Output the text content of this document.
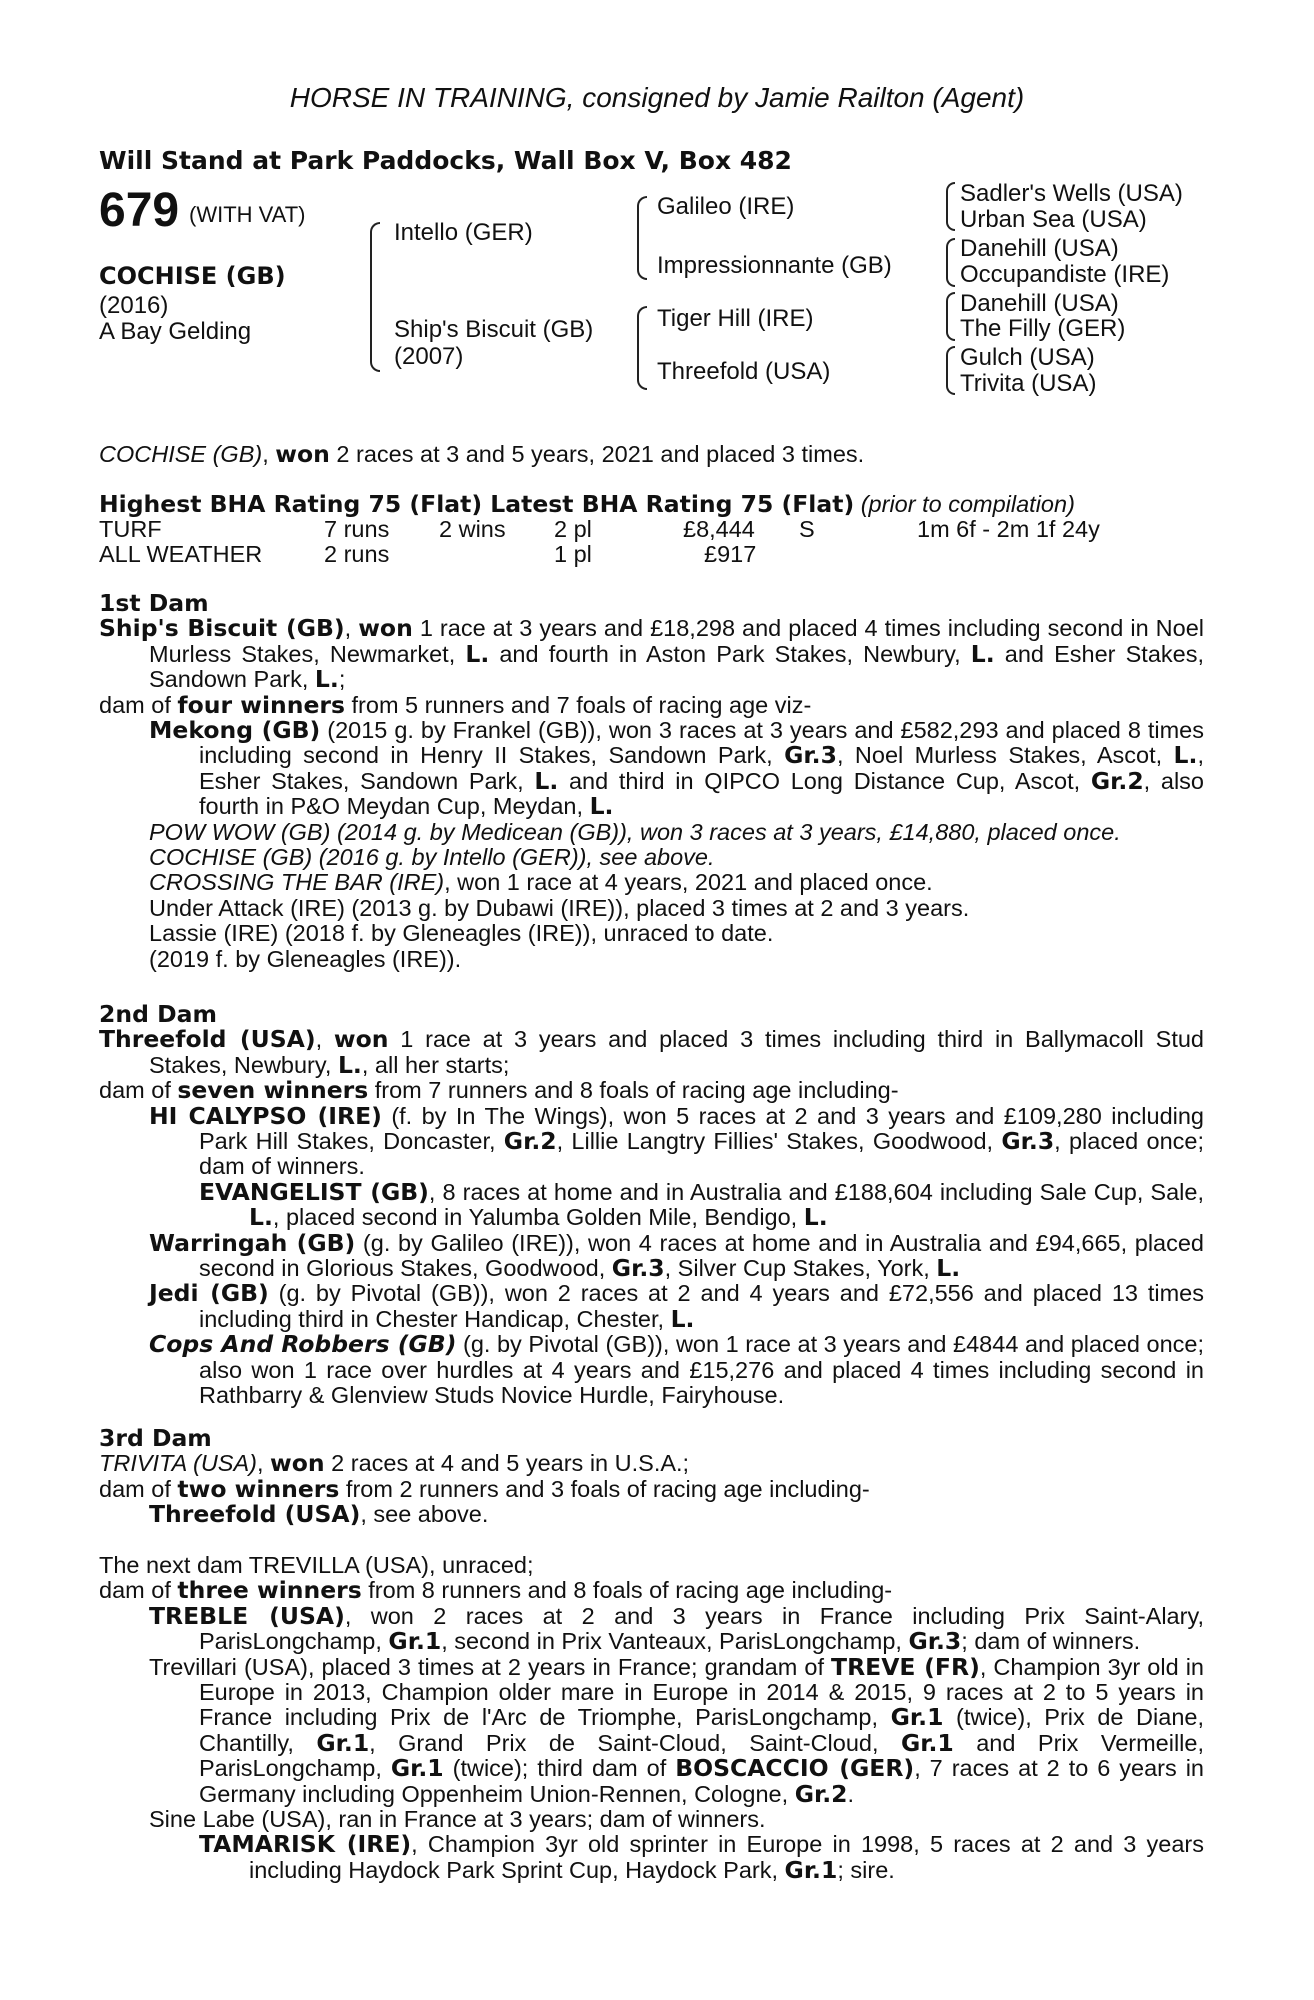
HORSE IN TRAINING, consigned by Jamie Railton (Agent)
Will Stand at Park Paddocks, Wall Box V, Box 482
679 (WITH VAT)
COCHISE (GB)
(2016)
A Bay Gelding
Intello (GER)
Ship's Biscuit (GB)
(2007)
Galileo (IRE)
Impressionnante (GB)
Tiger Hill (IRE)
Threefold (USA)
Sadler's Wells (USA)
Urban Sea (USA)
Danehill (USA)
Occupandiste (IRE)
Danehill (USA)
The Filly (GER)
Gulch (USA)
Trivita (USA)
COCHISE (GB), won 2 races at 3 and 5 years, 2021 and placed 3 times.
Highest BHA Rating 75 (Flat) Latest BHA Rating 75 (Flat) (prior to compilation)
TURF	7 runs 2 wins 2 pl	£8,444 S	1m 6f - 2m 1f 24y
ALL WEATHER	2 runs	1 pl	£917

1st Dam

Ship's Biscuit (GB), won 1 race at 3 years and £18,298 and placed 4 times including second in Noel Murless Stakes, Newmarket, L. and fourth in Aston Park Stakes, Newbury, L. and Esher Stakes, Sandown Park, L.;

dam of four winners from 5 runners and 7 foals of racing age viz-

Mekong (GB) (2015 g. by Frankel (GB)), won 3 races at 3 years and £582,293 and placed 8 times including second in Henry II Stakes, Sandown Park, Gr.3, Noel Murless Stakes, Ascot, L., Esher Stakes, Sandown Park, L. and third in QIPCO Long Distance Cup, Ascot, Gr.2, also fourth in P&O Meydan Cup, Meydan, L.

POW WOW (GB) (2014 g. by Medicean (GB)), won 3 races at 3 years, £14,880, placed once.

COCHISE (GB) (2016 g. by Intello (GER)), see above.

CROSSING THE BAR (IRE), won 1 race at 4 years, 2021 and placed once.

Under Attack (IRE) (2013 g. by Dubawi (IRE)), placed 3 times at 2 and 3 years.

Lassie (IRE) (2018 f. by Gleneagles (IRE)), unraced to date.

(2019 f. by Gleneagles (IRE)).

2nd Dam

Threefold (USA), won 1 race at 3 years and placed 3 times including third in Ballymacoll Stud Stakes, Newbury, L., all her starts;

dam of seven winners from 7 runners and 8 foals of racing age including-

HI CALYPSO (IRE) (f. by In The Wings), won 5 races at 2 and 3 years and £109,280 including Park Hill Stakes, Doncaster, Gr.2, Lillie Langtry Fillies' Stakes, Goodwood, Gr.3, placed once; dam of winners.

EVANGELIST (GB), 8 races at home and in Australia and £188,604 including Sale Cup, Sale, L., placed second in Yalumba Golden Mile, Bendigo, L.

Warringah (GB) (g. by Galileo (IRE)), won 4 races at home and in Australia and £94,665, placed second in Glorious Stakes, Goodwood, Gr.3, Silver Cup Stakes, York, L.

Jedi (GB) (g. by Pivotal (GB)), won 2 races at 2 and 4 years and £72,556 and placed 13 times including third in Chester Handicap, Chester, L.

Cops And Robbers (GB) (g. by Pivotal (GB)), won 1 race at 3 years and £4844 and placed once; also won 1 race over hurdles at 4 years and £15,276 and placed 4 times including second in Rathbarry & Glenview Studs Novice Hurdle, Fairyhouse.

3rd Dam

TRIVITA (USA), won 2 races at 4 and 5 years in U.S.A.;

dam of two winners from 2 runners and 3 foals of racing age including-

Threefold (USA), see above.

The next dam TREVILLA (USA), unraced;

dam of three winners from 8 runners and 8 foals of racing age including-

TREBLE (USA), won 2 races at 2 and 3 years in France including Prix Saint-Alary, ParisLongchamp, Gr.1, second in Prix Vanteaux, ParisLongchamp, Gr.3; dam of winners.

Trevillari (USA), placed 3 times at 2 years in France; grandam of TREVE (FR), Champion 3yr old in Europe in 2013, Champion older mare in Europe in 2014 & 2015, 9 races at 2 to 5 years in France including Prix de l'Arc de Triomphe, ParisLongchamp, Gr.1 (twice), Prix de Diane, Chantilly, Gr.1, Grand Prix de Saint-Cloud, Saint-Cloud, Gr.1 and Prix Vermeille, ParisLongchamp, Gr.1 (twice); third dam of BOSCACCIO (GER), 7 races at 2 to 6 years in Germany including Oppenheim Union-Rennen, Cologne, Gr.2.

Sine Labe (USA), ran in France at 3 years; dam of winners.

TAMARISK (IRE), Champion 3yr old sprinter in Europe in 1998, 5 races at 2 and 3 years including Haydock Park Sprint Cup, Haydock Park, Gr.1; sire.
